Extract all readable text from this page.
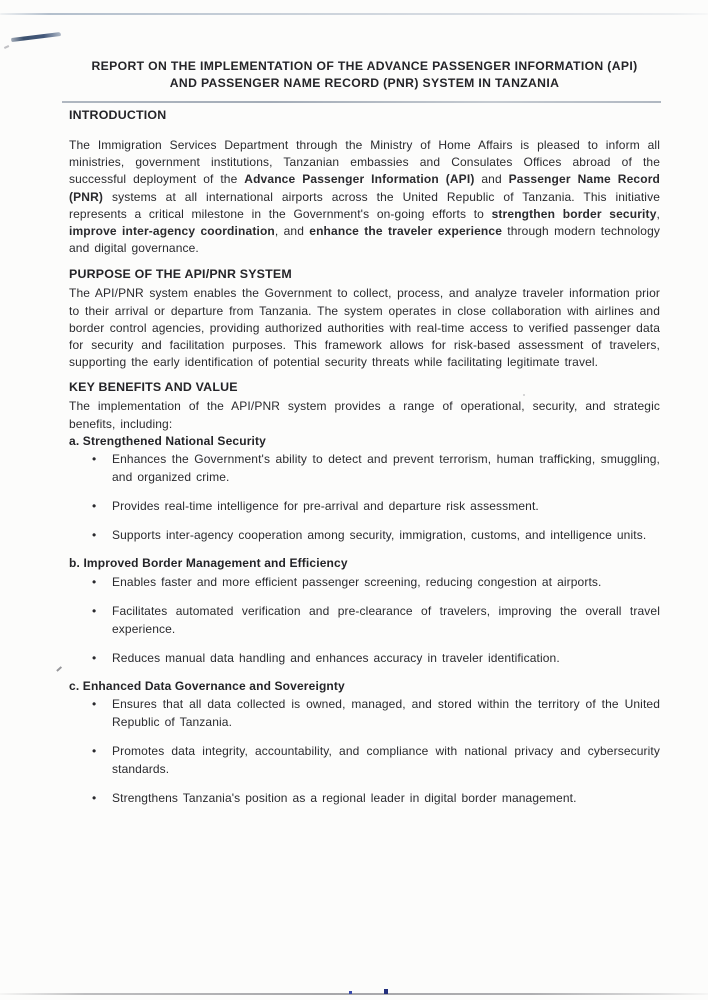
REPORT ON THE IMPLEMENTATION OF THE ADVANCE PASSENGER INFORMATION (API)
AND PASSENGER NAME RECORD (PNR) SYSTEM IN TANZANIA
INTRODUCTION

The Immigration Services Department through the Ministry of Home Affairs is pleased to inform all ministries, government institutions, Tanzanian embassies and Consulates Offices abroad of the successful deployment of the Advance Passenger Information (API) and Passenger Name Record (PNR) systems at all international airports across the United Republic of Tanzania. This initiative represents a critical milestone in the Government's on-going efforts to strengthen border security, improve inter-agency coordination, and enhance the traveler experience through modern technology and digital governance.

PURPOSE OF THE API/PNR SYSTEM

The API/PNR system enables the Government to collect, process, and analyze traveler information prior to their arrival or departure from Tanzania. The system operates in close collaboration with airlines and border control agencies, providing authorized authorities with real-time access to verified passenger data for security and facilitation purposes. This framework allows for risk-based assessment of travelers, supporting the early identification of potential security threats while facilitating legitimate travel.

KEY BENEFITS AND VALUE

The implementation of the API/PNR system provides a range of operational, security, and strategic benefits, including:

a. Strengthened National Security
•	Enhances the Government's ability to detect and prevent terrorism, human trafficking, smuggling, and organized crime.
•	Provides real-time intelligence for pre-arrival and departure risk assessment.
•	Supports inter-agency cooperation among security, immigration, customs, and intelligence units.
b. Improved Border Management and Efficiency
•	Enables faster and more efficient passenger screening, reducing congestion at airports.
•	Facilitates automated verification and pre-clearance of travelers, improving the overall travel experience.
•	Reduces manual data handling and enhances accuracy in traveler identification.
c. Enhanced Data Governance and Sovereignty
•	Ensures that all data collected is owned, managed, and stored within the territory of the United Republic of Tanzania.
•	Promotes data integrity, accountability, and compliance with national privacy and cybersecurity standards.
•	Strengthens Tanzania's position as a regional leader in digital border management.
